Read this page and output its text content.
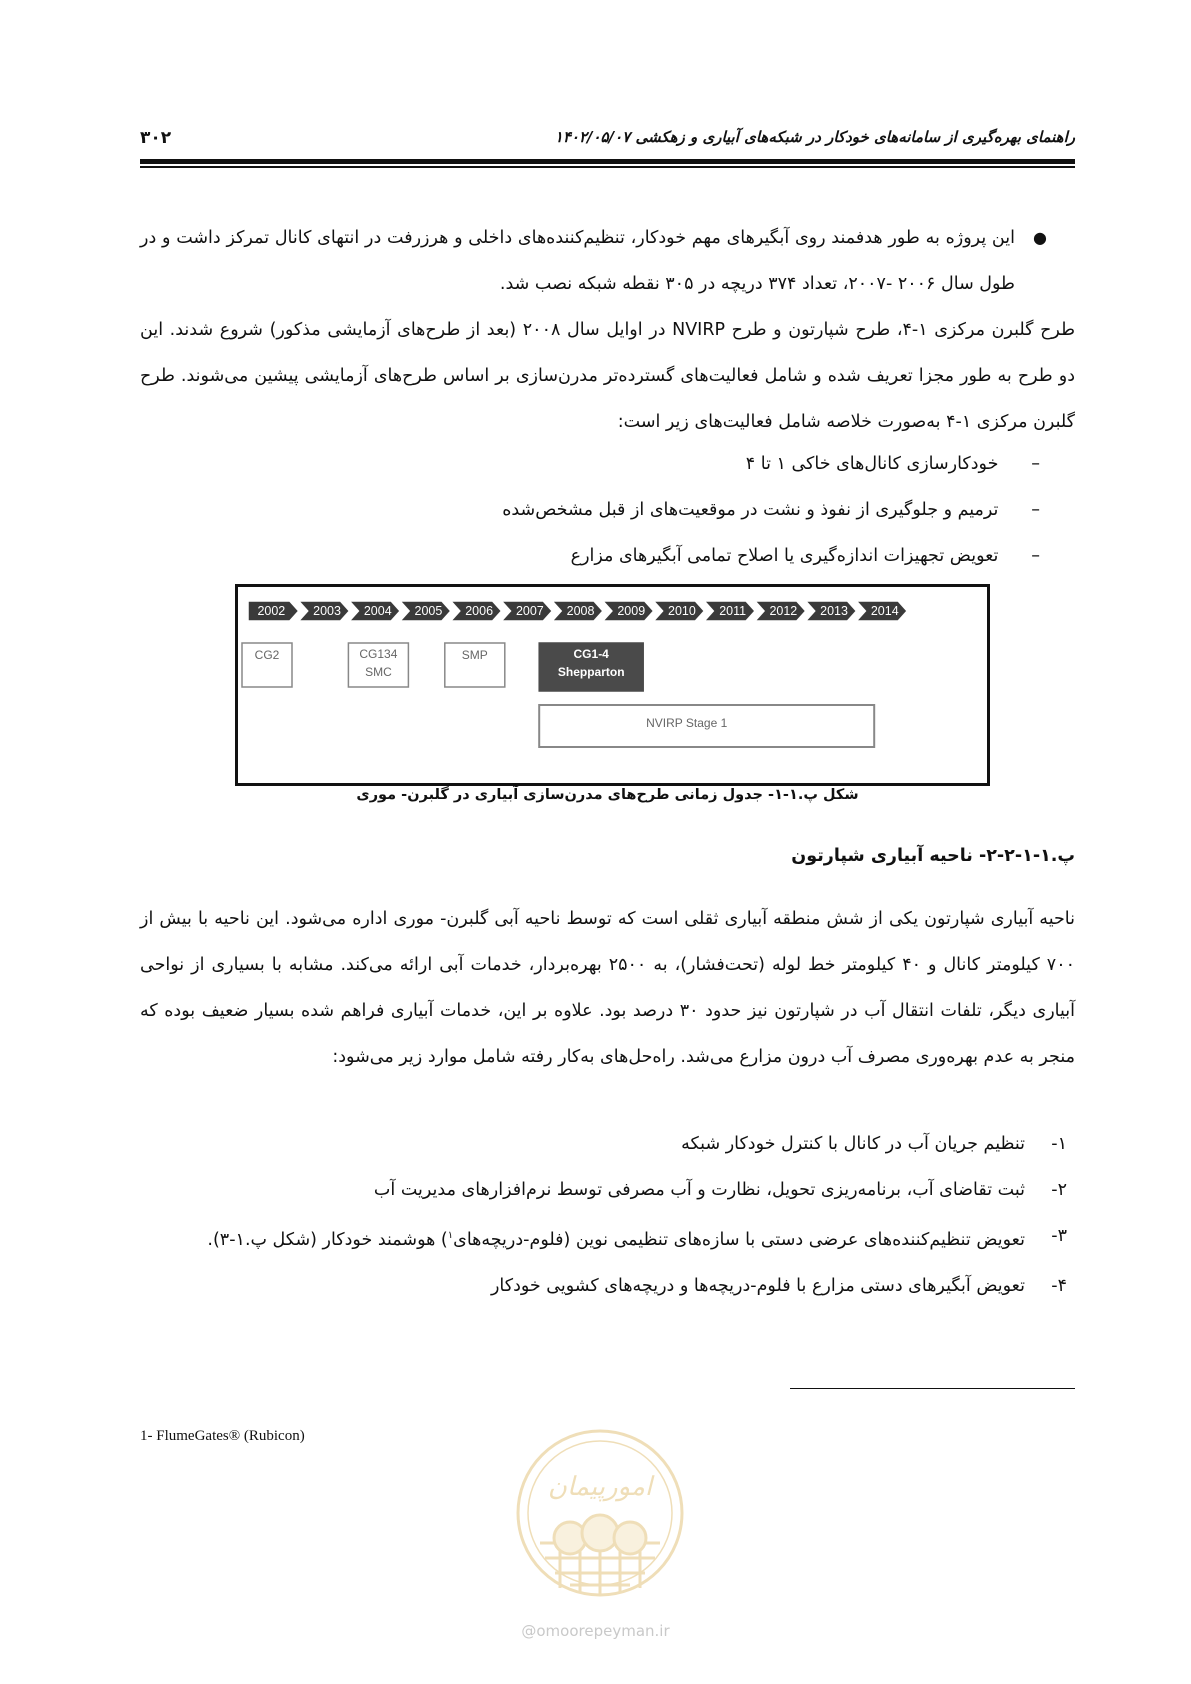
۳۰۲	راهنمای بهره‌گیری از سامانه‌های خودکار در شبکه‌های آبیاری و زهکشی ۱۴۰۲/۰۵/۰۷
●
این پروژه به طور هدفمند روی آبگیرهای مهم خودکار، تنظیم‌کننده‌های داخلی و هرزرفت در انتهای کانال تمرکز داشت و در طول سال ۲۰۰۶ -۲۰۰۷، تعداد ۳۷۴ دریچه در ۳۰۵ نقطه شبکه نصب شد.
طرح گلبرن مرکزی ۱-۴، طرح شپارتون و طرح NVIRP در اوایل سال ۲۰۰۸ (بعد از طرح‌های آزمایشی مذکور) شروع شدند. این دو طرح به طور مجزا تعریف شده و شامل فعالیت‌های گسترده‌تر مدرن‌سازی بر اساس طرح‌های آزمایشی پیشین می‌شوند. طرح گلبرن مرکزی ۱-۴ به‌صورت خلاصه شامل فعالیت‌های زیر است:
– خودکارسازی کانال‌های خاکی ۱ تا ۴
– ترمیم و جلوگیری از نفوذ و نشت در موقعیت‌های از قبل مشخص‌شده
– تعویض تجهیزات اندازه‌گیری یا اصلاح تمامی آبگیرهای مزارع
2002 2003 2004 2005 2006 2007 2008 2009 2010 2011 2012 2013 2014
CG2	CG134
SMC
SMP	CG1-4
Shepparton
NVIRP Stage 1
شکل پ.۱-۱- جدول زمانی طرح‌های مدرن‌سازی آبیاری در گلبرن- موری
پ.۱-۱-۲-۲- ناحیه آبیاری شپارتون
ناحیه آبیاری شپارتون یکی از شش منطقه آبیاری ثقلی است که توسط ناحیه آبی گلبرن- موری اداره می‌شود. این ناحیه با بیش از ۷۰۰ کیلومتر کانال و ۴۰ کیلومتر خط لوله (تحت‌فشار)، به ۲۵۰۰ بهره‌بردار، خدمات آبی ارائه می‌کند. مشابه با بسیاری از نواحی آبیاری دیگر، تلفات انتقال آب در شپارتون نیز حدود ۳۰ درصد بود. علاوه بر این، خدمات آبیاری فراهم شده بسیار ضعیف بوده که منجر به عدم بهره‌وری مصرف آب درون مزارع می‌شد. راه‌حل‌های به‌کار رفته شامل موارد زیر می‌شود:
۱-
تنظیم جریان آب در کانال با کنترل خودکار شبکه
۲-
ثبت تقاضای آب، برنامه‌ریزی تحویل، نظارت و آب مصرفی توسط نرم‌افزارهای مدیریت آب
۳-
تعویض تنظیم‌کننده‌های عرضی دستی با سازه‌های تنظیمی نوین (فلوم-دریچه‌های$^۱$) هوشمند خودکار (شکل پ.۱-۳).
۴-
تعویض آبگیرهای دستی مزارع با فلوم-دریچه‌ها و دریچه‌های کشویی خودکار
1- FlumeGates® (Rubicon)
امورپیمان
@omoorepeyman.ir
